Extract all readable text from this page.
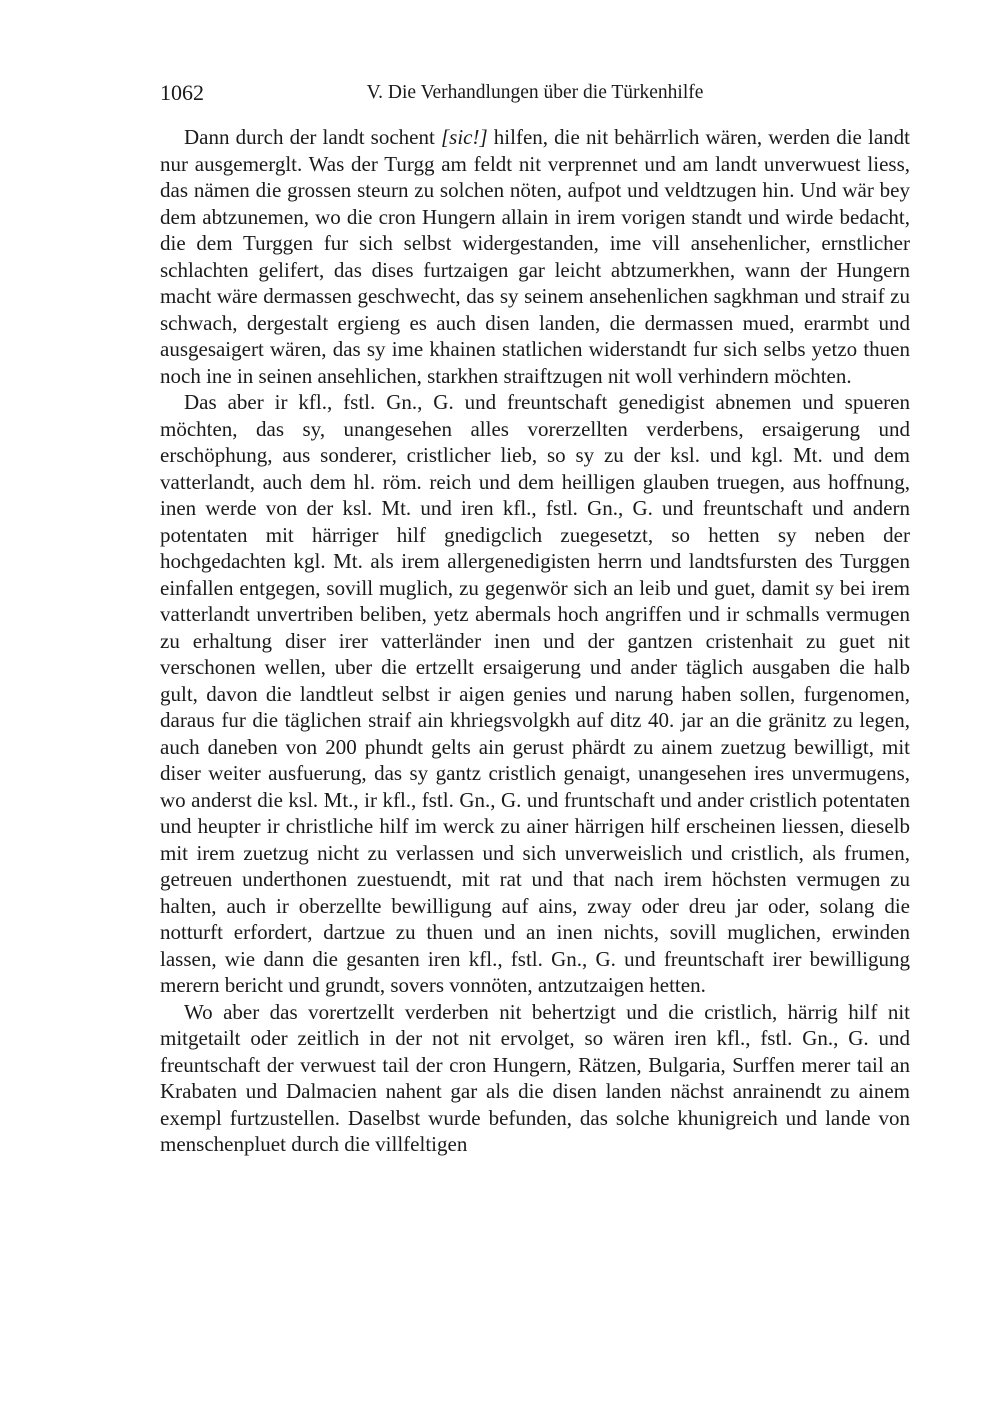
1062	V. Die Verhandlungen über die Türkenhilfe

Dann durch der landt sochent [sic!] hilfen, die nit behärrlich wären, werden die landt nur ausgemerglt. Was der Turgg am feldt nit verprennet und am landt unverwuest liess, das nämen die grossen steurn zu solchen nöten, aufpot und veldtzugen hin. Und wär bey dem abtzunemen, wo die cron Hungern allain in irem vorigen standt und wirde bedacht, die dem Turggen fur sich selbst widergestanden, ime vill ansehenlicher, ernstlicher schlachten gelifert, das dises furtzaigen gar leicht abtzumerkhen, wann der Hungern macht wäre dermassen geschwecht, das sy seinem ansehenlichen sagkhman und straif zu schwach, dergestalt ergieng es auch disen landen, die dermassen mued, erarmbt und ausgesaigert wären, das sy ime khainen statlichen widerstandt fur sich selbs yetzo thuen noch ine in seinen ansehlichen, starkhen straiftzugen nit woll verhindern möchten.

Das aber ir kfl., fstl. Gn., G. und freuntschaft genedigist abnemen und spueren möchten, das sy, unangesehen alles vorerzellten verderbens, ersaigerung und erschöphung, aus sonderer, cristlicher lieb, so sy zu der ksl. und kgl. Mt. und dem vatterlandt, auch dem hl. röm. reich und dem heilligen glauben truegen, aus hoffnung, inen werde von der ksl. Mt. und iren kfl., fstl. Gn., G. und freuntschaft und andern potentaten mit härriger hilf gnedigclich zuegesetzt, so hetten sy neben der hochgedachten kgl. Mt. als irem allergenedigisten herrn und landtsfursten des Turggen einfallen entgegen, sovill muglich, zu gegenwör sich an leib und guet, damit sy bei irem vatterlandt unvertriben beliben, yetz abermals hoch angriffen und ir schmalls vermugen zu erhaltung diser irer vatterländer inen und der gantzen cristenhait zu guet nit verschonen wellen, uber die ertzellt ersaigerung und ander täglich ausgaben die halb gult, davon die landtleut selbst ir aigen genies und narung haben sollen, furgenomen, daraus fur die täglichen straif ain khriegsvolgkh auf ditz 40. jar an die gränitz zu legen, auch daneben von 200 phundt gelts ain gerust phärdt zu ainem zuetzug bewilligt, mit diser weiter ausfuerung, das sy gantz cristlich genaigt, unangesehen ires unvermugens, wo anderst die ksl. Mt., ir kfl., fstl. Gn., G. und fruntschaft und ander cristlich potentaten und heupter ir christliche hilf im werck zu ainer härrigen hilf erscheinen liessen, dieselb mit irem zuetzug nicht zu verlassen und sich unverweislich und cristlich, als frumen, getreuen underthonen zuestuendt, mit rat und that nach irem höchsten vermugen zu halten, auch ir oberzellte bewilligung auf ains, zway oder dreu jar oder, solang die notturft erfordert, dartzue zu thuen und an inen nichts, sovill muglichen, erwinden lassen, wie dann die gesanten iren kfl., fstl. Gn., G. und freuntschaft irer bewilligung merern bericht und grundt, sovers vonnöten, antzutzaigen hetten.

Wo aber das vorertzellt verderben nit behertzigt und die cristlich, härrig hilf nit mitgetailt oder zeitlich in der not nit ervolget, so wären iren kfl., fstl. Gn., G. und freuntschaft der verwuest tail der cron Hungern, Rätzen, Bulgaria, Surffen merer tail an Krabaten und Dalmacien nahent gar als die disen landen nächst anrainendt zu ainem exempl furtzustellen. Daselbst wurde befunden, das solche khunigreich und lande von menschenpluet durch die villfeltigen
